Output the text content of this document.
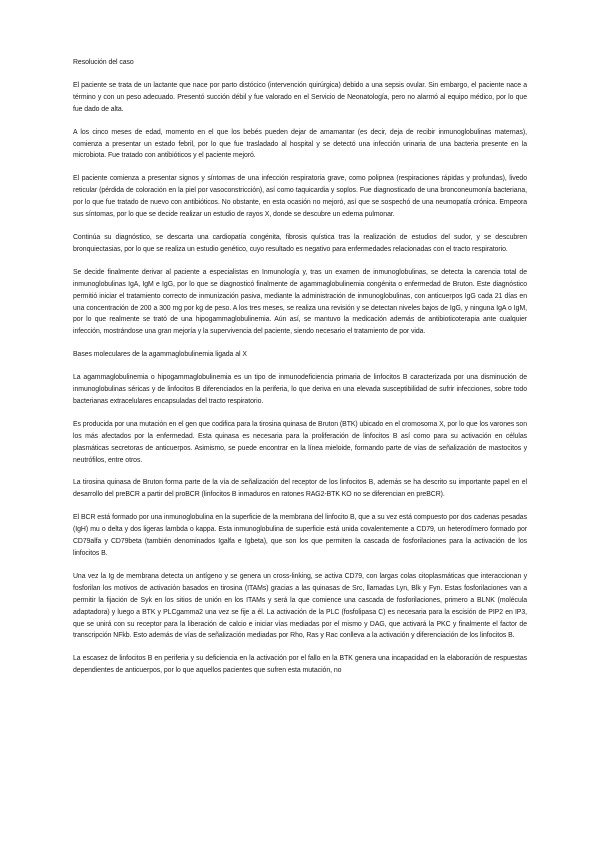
Resolución del caso

El paciente se trata de un lactante que nace por parto distócico (intervención quirúrgica) debido a una sepsis ovular. Sin embargo, el paciente nace a término y con un peso adecuado. Presentó succión débil y fue valorado en el Servicio de Neonatología, pero no alarmó al equipo médico, por lo que fue dado de alta.

A los cinco meses de edad, momento en el que los bebés pueden dejar de amamantar (es decir, deja de recibir inmunoglobulinas maternas), comienza a presentar un estado febril, por lo que fue trasladado al hospital y se detectó una infección urinaria de una bacteria presente en la microbiota. Fue tratado con antibióticos y el paciente mejoró.

El paciente comienza a presentar signos y síntomas de una infección respiratoria grave, como polipnea (respiraciones rápidas y profundas), livedo reticular (pérdida de coloración en la piel por vasoconstricción), así como taquicardia y soplos. Fue diagnosticado de una bronconeumonía bacteriana, por lo que fue tratado de nuevo con antibióticos. No obstante, en esta ocasión no mejoró, así que se sospechó de una neumopatía crónica. Empeora sus síntomas, por lo que se decide realizar un estudio de rayos X, donde se descubre un edema pulmonar.

Continúa su diagnóstico, se descarta una cardiopatía congénita, fibrosis quística tras la realización de estudios del sudor, y se descubren bronquiectasias, por lo que se realiza un estudio genético, cuyo resultado es negativo para enfermedades relacionadas con el tracto respiratorio.

Se decide finalmente derivar al paciente a especialistas en Inmunología y, tras un examen de inmunoglobulinas, se detecta la carencia total de inmunoglobulinas IgA, IgM e IgG, por lo que se diagnosticó finalmente de agammaglobulinemia congénita o enfermedad de Bruton. Este diagnóstico permitió iniciar el tratamiento correcto de inmunización pasiva, mediante la administración de inmunoglobulinas, con anticuerpos IgG cada 21 días en una concentración de 200 a 300 mg por kg de peso. A los tres meses, se realiza una revisión y se detectan niveles bajos de IgG, y ninguna IgA o IgM, por lo que realmente se trató de una hipogammaglobulinemia. Aún así, se mantuvo la medicación además de antibioticoterapia ante cualquier infección, mostrándose una gran mejoría y la supervivencia del paciente, siendo necesario el tratamiento de por vida.

Bases moleculares de la agammaglobulinemia ligada al X

La agammaglobulinemia o hipogammaglobulinemia es un tipo de inmunodeficiencia primaria de linfocitos B caracterizada por una disminución de inmunoglobulinas séricas y de linfocitos B diferenciados en la periferia, lo que deriva en una elevada susceptibilidad de sufrir infecciones, sobre todo bacterianas extracelulares encapsuladas del tracto respiratorio.

Es producida por una mutación en el gen que codifica para la tirosina quinasa de Bruton (BTK) ubicado en el cromosoma X, por lo que los varones son los más afectados por la enfermedad. Esta quinasa es necesaria para la proliferación de linfocitos B así como para su activación en células plasmáticas secretoras de anticuerpos. Asimismo, se puede encontrar en la línea mieloide, formando parte de vías de señalización de mastocitos y neutrófilos, entre otros.

La tirosina quinasa de Bruton forma parte de la vía de señalización del receptor de los linfocitos B, además se ha descrito su importante papel en el desarrollo del preBCR a partir del proBCR (linfocitos B inmaduros en ratones RAG2-BTK KO no se diferencian en preBCR).

El BCR está formado por una inmunoglobulina en la superficie de la membrana del linfocito B, que a su vez está compuesto por dos cadenas pesadas (IgH) mu o delta y dos ligeras lambda o kappa. Esta inmunoglobulina de superficie está unida covalentemente a CD79, un heterodímero formado por CD79alfa y CD79beta (también denominados Igalfa e Igbeta), que son los que permiten la cascada de fosforilaciones para la activación de los linfocitos B.

Una vez la Ig de membrana detecta un antígeno y se genera un cross-linking, se activa CD79, con largas colas citoplasmáticas que interaccionan y fosforilan los motivos de activación basados en tirosina (ITAMs) gracias a las quinasas de Src, llamadas Lyn, Blk y Fyn. Estas fosforilaciones van a permitir la fijación de Syk en los sitios de unión en los ITAMs y será la que comience una cascada de fosforilaciones, primero a BLNK (molécula adaptadora) y luego a BTK y PLCgamma2 una vez se fije a él. La activación de la PLC (fosfolipasa C) es necesaria para la escisión de PIP2 en IP3, que se unirá con su receptor para la liberación de calcio e iniciar vías mediadas por el mismo y DAG, que activará la PKC y finalmente el factor de transcripción NFkb. Esto además de vías de señalización mediadas por Rho, Ras y Rac conlleva a la activación y diferenciación de los linfocitos B.

La escasez de linfocitos B en periferia y su deficiencia en la activación por el fallo en la BTK genera una incapacidad en la elaboración de respuestas dependientes de anticuerpos, por lo que aquellos pacientes que sufren esta mutación, no
